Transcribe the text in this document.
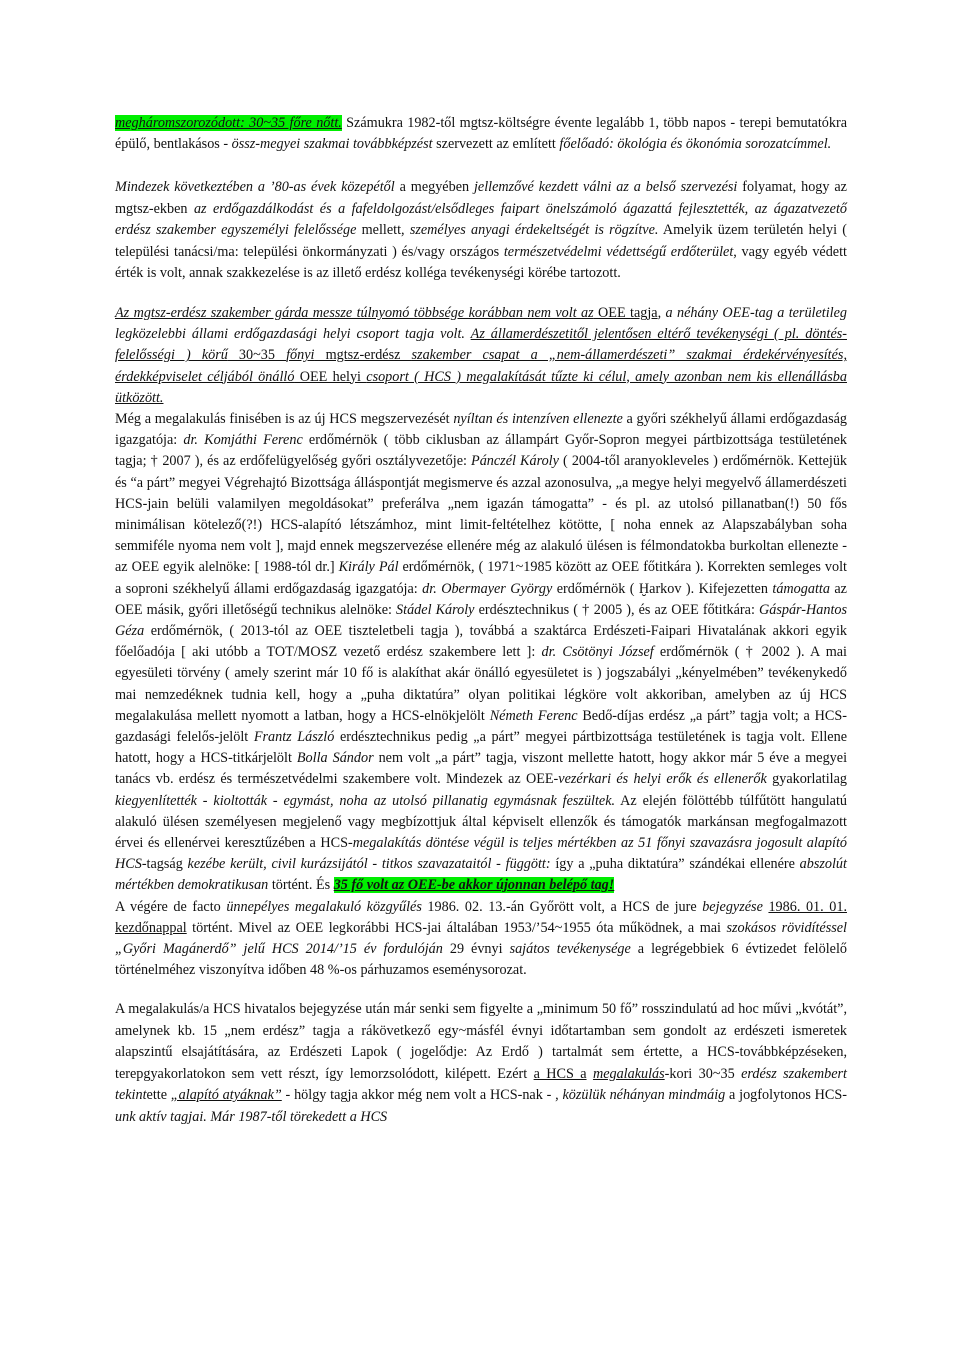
megháromszorozódott: 30~35 főre nőtt. Számukra 1982-től mgtsz-költségre évente legalább 1, több napos - terepi bemutatókra épülő, bentlakásos - össz-megyei szakmai továbbképzést szervezett az említett főelőadó: ökológia és ökonómia sorozatcímmel.

Mindezek következtében a ’80-as évek közepétől a megyében jellemzővé kezdett válni az a belső szervezési folyamat, hogy az mgtsz-ekben az erdőgazdálkodást és a fafeldolgozást/elsődleges faipart önelszámoló ágazattá fejlesztették, az ágazatvezető erdész szakember egyszemélyi felelőssége mellett, személyes anyagi érdekeltségét is rögzítve. Amelyik üzem területén helyi ( települési tanácsi/ma: települési önkormányzati ) és/vagy országos természetvédelmi védettségű erdőterület, vagy egyéb védett érték is volt, annak szakkezelése is az illető erdész kolléga tevékenységi körébe tartozott.

Az mgtsz-erdész szakember gárda messze túlnyomó többsége korábban nem volt az OEE tagja, a néhány OEE-tag a területileg legközelebbi állami erdőgazdasági helyi csoport tagja volt. Az államerdészetitől jelentősen eltérő tevékenységi ( pl. döntés-felelősségi ) körű 30~35 főnyi mgtsz-erdész szakember csapat a „nem-államerdészeti” szakmai érdekérvényesítés, érdekképviselet céljából önálló OEE helyi csoport ( HCS ) megalakítását tűzte ki célul, amely azonban nem kis ellenállásba ütközött.

Még a megalakulás finisében is az új HCS megszervezését nyíltan és intenzíven ellenezte a győri székhelyű állami erdőgazdaság igazgatója: dr. Komjáthi Ferenc erdőmérnök ( több ciklusban az állampárt Győr-Sopron megyei pártbizottsága testületének tagja; † 2007 ), és az erdőfelügyelőség győri osztályvezetője: Pánczél Károly ( 2004-től aranyokleveles ) erdőmérnök. Kettejük és “a párt” megyei Végrehajtó Bizottsága álláspontját megismerve és azzal azonosulva, „a megye helyi megyelvő államerdészeti HCS-jain belüli valamilyen megoldásokat” preferálva „nem igazán támogatta” - és pl. az utolsó pillanatban(!) 50 fős minimálisan kötelező(?!) HCS-alapító létszámhoz, mint limit-feltételhez kötötte, [ noha ennek az Alapszabályban soha semmiféle nyoma nem volt ], majd ennek megszervezése ellenére még az alakuló ülésen is félmondatokba burkoltan ellenezte - az OEE egyik alelnöke: [ 1988-tól dr.] Király Pál erdőmérnök, ( 1971~1985 között az OEE főtitkára ). Korrekten semleges volt a soproni székhelyű állami erdőgazdaság igazgatója: dr. Obermayer György erdőmérnök ( Ḫarkov ). Kifejezetten támogatta az OEE másik, győri illetőségű technikus alelnöke: Stádel Károly erdésztechnikus ( † 2005 ), és az OEE főtitkára: Gáspár-Hantos Géza erdőmérnök, ( 2013-tól az OEE tiszteletbeli tagja ), továbbá a szaktárca Erdészeti-Faipari Hivatalának akkori egyik főelőadója [ aki utóbb a TOT/MOSZ vezető erdész szakembere lett ]: dr. Csötönyi József erdőmérnök ( † 2002 ). A mai egyesületi törvény ( amely szerint már 10 fő is alakíthat akár önálló egyesületet is ) jogszabályi „kényelmében” tevékenykedő mai nemzedéknek tudnia kell, hogy a „puha diktatúra” olyan politikai légköre volt akkoriban, amelyben az új HCS megalakulása mellett nyomott a latban, hogy a HCS-elnökjelölt Németh Ferenc Bedő-díjas erdész „a párt” tagja volt; a HCS-gazdasági felelős-jelölt Frantz László erdésztechnikus pedig „a párt” megyei pártbizottsága testületének is tagja volt. Ellene hatott, hogy a HCS-titkárjelölt Bolla Sándor nem volt „a párt” tagja, viszont mellette hatott, hogy akkor már 5 éve a megyei tanács vb. erdész és természetvédelmi szakembere volt. Mindezek az OEE-vezérkari és helyi erők és ellenerők gyakorlatilag kiegyenlítették - kioltották - egymást, noha az utolsó pillanatig egymásnak feszültek. Az elején fölöttébb túlfűtött hangulatú alakuló ülésen személyesen megjelenő vagy megbízottjuk által képviselt ellenzők és támogatók markánsan megfogalmazott érvei és ellenérvei keresztűzében a HCS-megalakítás döntése végül is teljes mértékben az 51 főnyi szavazásra jogosult alapító HCS-tagság kezébe került, civil kurázsijától - titkos szavazataitól - függött: így a „puha diktatúra” szándékai ellenére abszolút mértékben demokratikusan történt. És 35 fő volt az OEE-be akkor újonnan belépő tag!
A végére de facto ünnepélyes megalakuló közgyűlés 1986. 02. 13.-án Győrött volt, a HCS de jure bejegyzése 1986. 01. 01. kezdőnappal történt. Mivel az OEE legkorábbi HCS-jai általában 1953/’54~1955 óta működnek, a mai szokásos rövidítéssel „Győri Magánerdő” jelű HCS 2014/’15 év fordulóján 29 évnyi sajátos tevékenysége a legrégebbiek 6 évtizedet felölelő történelméhez viszonyítva időben 48 %-os párhuzamos eseménysorozat.

A megalakulás/a HCS hivatalos bejegyzése után már senki sem figyelte a „minimum 50 fő” rosszindulatú ad hoc művi „kvótát”, amelynek kb. 15 „nem erdész” tagja a rákövetkező egy~másfél évnyi időtartamban sem gondolt az erdészeti ismeretek alapszintű elsajátítására, az Erdészeti Lapok ( jogelődje: Az Erdő ) tartalmát sem értette, a HCS-továbbképzéseken, terepgyakorlatokon sem vett részt, így lemorzsolódott, kilépett. Ezért a HCS a megalakulás-kori 30~35 erdész szakembert tekintette „alapító atyáknak” - hölgy tagja akkor még nem volt a HCS-nak - , közülük néhányan mindmáig a jogfolytonos HCS-unk aktív tagjai. Már 1987-től törekedett a HCS
